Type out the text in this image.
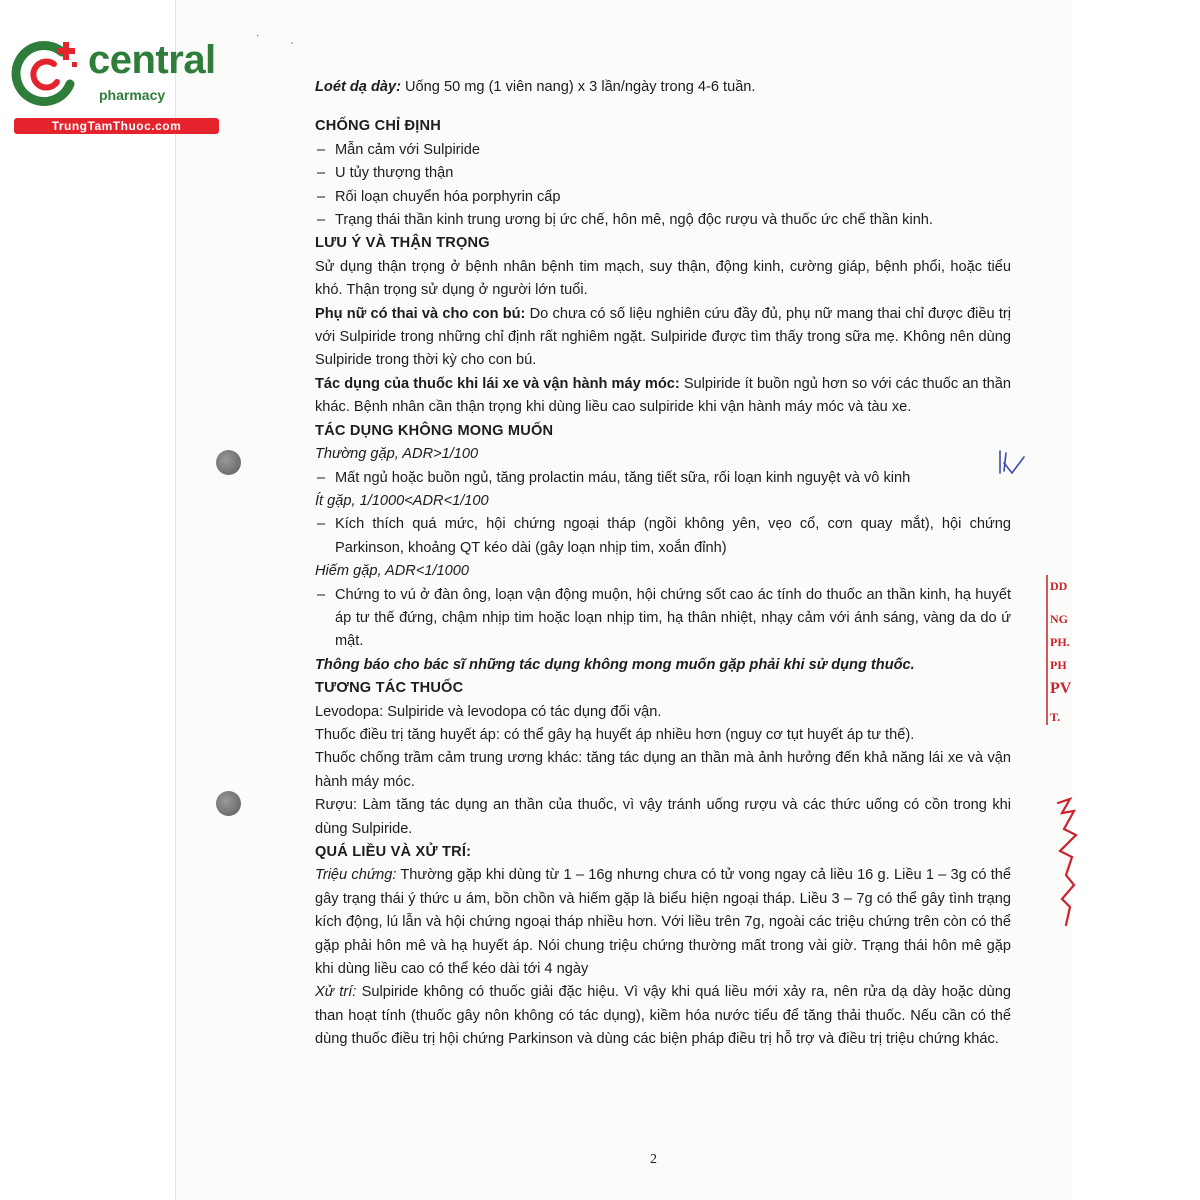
·	ˏ
central
pharmacy
TrungTamThuoc.com

Loét dạ dày: Uống 50 mg (1 viên nang) x 3 lần/ngày trong 4-6 tuần.

CHỐNG CHỈ ĐỊNH

– Mẫn cảm với Sulpiride

– U tủy thượng thận

– Rối loạn chuyển hóa porphyrin cấp

– Trạng thái thần kinh trung ương bị ức chế, hôn mê, ngộ độc rượu và thuốc ức chế thần kinh.

LƯU Ý VÀ THẬN TRỌNG

Sử dụng thận trọng ở bệnh nhân bệnh tim mạch, suy thận, động kinh, cường giáp, bệnh phổi, hoặc tiểu khó. Thận trọng sử dụng ở người lớn tuổi.

Phụ nữ có thai và cho con bú: Do chưa có số liệu nghiên cứu đầy đủ, phụ nữ mang thai chỉ được điều trị với Sulpiride trong những chỉ định rất nghiêm ngặt. Sulpiride được tìm thấy trong sữa mẹ. Không nên dùng Sulpiride trong thời kỳ cho con bú.

Tác dụng của thuốc khi lái xe và vận hành máy móc: Sulpiride ít buồn ngủ hơn so với các thuốc an thần khác. Bệnh nhân cần thận trọng khi dùng liều cao sulpiride khi vận hành máy móc và tàu xe.

TÁC DỤNG KHÔNG MONG MUỐN

Thường gặp, ADR>1/100

– Mất ngủ hoặc buồn ngủ, tăng prolactin máu, tăng tiết sữa, rối loạn kinh nguyệt và vô kinh

Ít gặp, 1/1000<ADR<1/100

– Kích thích quá mức, hội chứng ngoại tháp (ngồi không yên, vẹo cổ, cơn quay mắt), hội chứng Parkinson, khoảng QT kéo dài (gây loạn nhịp tim, xoắn đỉnh)

Hiếm gặp, ADR<1/1000

– Chứng to vú ở đàn ông, loạn vận động muộn, hội chứng sốt cao ác tính do thuốc an thần kinh, hạ huyết áp tư thế đứng, chậm nhịp tim hoặc loạn nhịp tim, hạ thân nhiệt, nhạy cảm với ánh sáng, vàng da do ứ mật.

Thông báo cho bác sĩ những tác dụng không mong muốn gặp phải khi sử dụng thuốc.

TƯƠNG TÁC THUỐC

Levodopa: Sulpiride và levodopa có tác dụng đối vận.

Thuốc điều trị tăng huyết áp: có thể gây hạ huyết áp nhiều hơn (nguy cơ tụt huyết áp tư thế).

Thuốc chống trầm cảm trung ương khác: tăng tác dụng an thần mà ảnh hưởng đến khả năng lái xe và vận hành máy móc.

Rượu: Làm tăng tác dụng an thần của thuốc, vì vậy tránh uống rượu và các thức uống có cồn trong khi dùng Sulpiride.

QUÁ LIỀU VÀ XỬ TRÍ:

Triệu chứng: Thường gặp khi dùng từ 1 – 16g nhưng chưa có tử vong ngay cả liều 16 g. Liều 1 – 3g có thể gây trạng thái ý thức u ám, bồn chồn và hiếm gặp là biểu hiện ngoại tháp. Liều 3 – 7g có thể gây tình trạng kích động, lú lẫn và hội chứng ngoại tháp nhiều hơn. Với liều trên 7g, ngoài các triệu chứng trên còn có thể gặp phải hôn mê và hạ huyết áp. Nói chung triệu chứng thường mất trong vài giờ. Trạng thái hôn mê gặp khi dùng liều cao có thể kéo dài tới 4 ngày

Xử trí: Sulpiride không có thuốc giải đặc hiệu. Vì vậy khi quá liều mới xảy ra, nên rửa dạ dày hoặc dùng than hoạt tính (thuốc gây nôn không có tác dụng), kiềm hóa nước tiểu để tăng thải thuốc. Nếu cần có thể dùng thuốc điều trị hội chứng Parkinson và dùng các biện pháp điều trị hỗ trợ và điều trị triệu chứng khác.

DD
NG
PH.
PH
PV
T.
2
